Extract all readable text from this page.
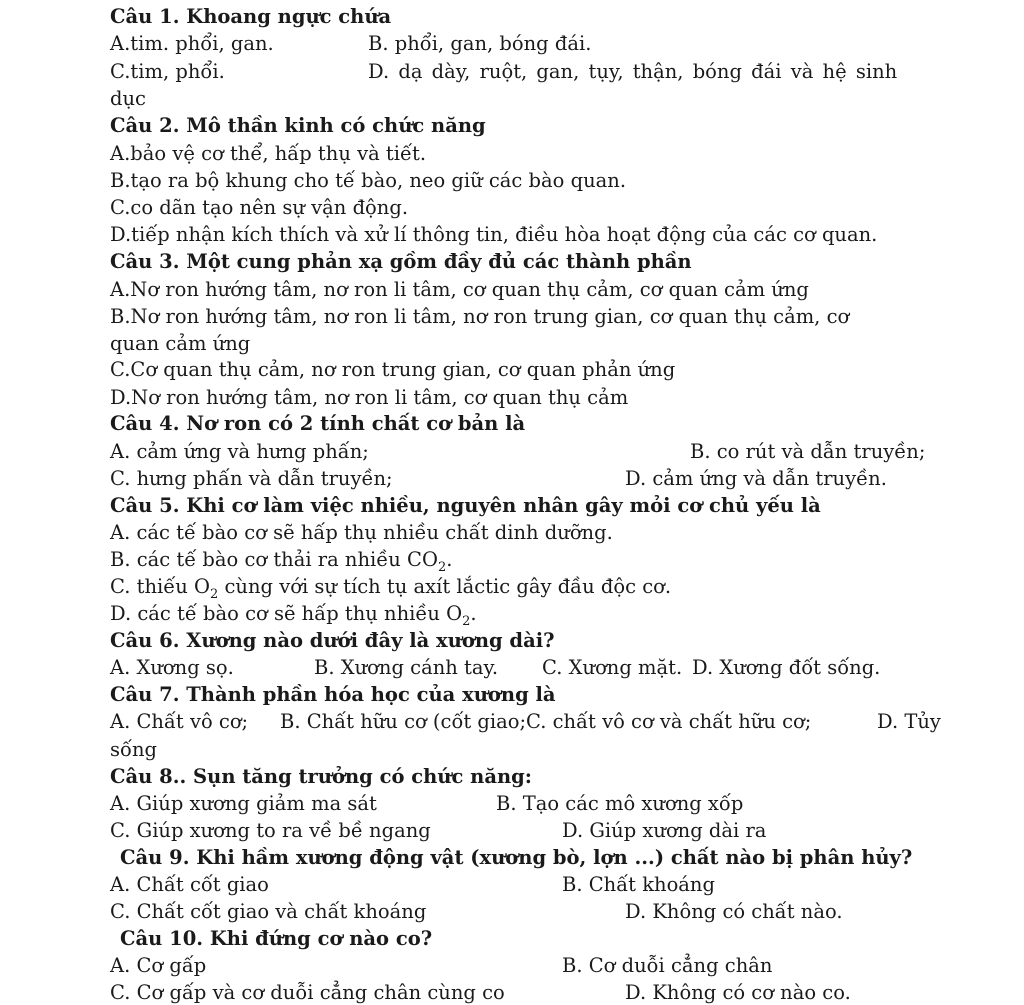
Câu 1. Khoang ngực chứa
A.tim. phổi, gan.	B. phổi, gan, bóng đái.
C.tim, phổi.	D. dạ dày, ruột, gan, tụy, thận, bóng đái và hệ sinh
dục
Câu 2. Mô thần kinh có chức năng
A.bảo vệ cơ thể, hấp thụ và tiết.
B.tạo ra bộ khung cho tế bào, neo giữ các bào quan.
C.co dãn tạo nên sự vận động.
D.tiếp nhận kích thích và xử lí thông tin, điều hòa hoạt động của các cơ quan.
Câu 3. Một cung phản xạ gồm đầy đủ các thành phần
A.Nơ ron hướng tâm, nơ ron li tâm, cơ quan thụ cảm, cơ quan cảm ứng
B.Nơ ron hướng tâm, nơ ron li tâm, nơ ron trung gian, cơ quan thụ cảm, cơ
quan cảm ứng
C.Cơ quan thụ cảm, nơ ron trung gian, cơ quan phản ứng
D.Nơ ron hướng tâm, nơ ron li tâm, cơ quan thụ cảm
Câu 4. Nơ ron có 2 tính chất cơ bản là
A. cảm ứng và hưng phấn;	B. co rút và dẫn truyền;
C. hưng phấn và dẫn truyền;	D. cảm ứng và dẫn truyền.
Câu 5. Khi cơ làm việc nhiều, nguyên nhân gây mỏi cơ chủ yếu là
A. các tế bào cơ sẽ hấp thụ nhiều chất dinh dưỡng.
B. các tế bào cơ thải ra nhiều $CO_2$.
C. thiếu $O_2$ cùng với sự tích tụ axít lắctic gây đầu độc cơ.
D. các tế bào cơ sẽ hấp thụ nhiều $O_2$.
Câu 6. Xương nào dưới đây là xương dài?
A. Xương sọ.	B. Xương cánh tay. C. Xương mặt. D. Xương đốt sống.
Câu 7. Thành phần hóa học của xương là
A. Chất vô cơ; B. Chất hữu cơ (cốt giao; C. chất vô cơ và chất hữu cơ;	D. Tủy
sống
Câu 8.. Sụn tăng trưởng có chức năng:
A. Giúp xương giảm ma sát	B. Tạo các mô xương xốp
C. Giúp xương to ra về bề ngang	D. Giúp xương dài ra
Câu 9. Khi hầm xương động vật (xương bò, lợn ...) chất nào bị phân hủy?
A. Chất cốt giao	B. Chất khoáng
C. Chất cốt giao và chất khoáng	D. Không có chất nào.
Câu 10. Khi đứng cơ nào co?
A. Cơ gấp	B. Cơ duỗi cẳng chân
C. Cơ gấp và cơ duỗi cẳng chân cùng co	D. Không có cơ nào co.
